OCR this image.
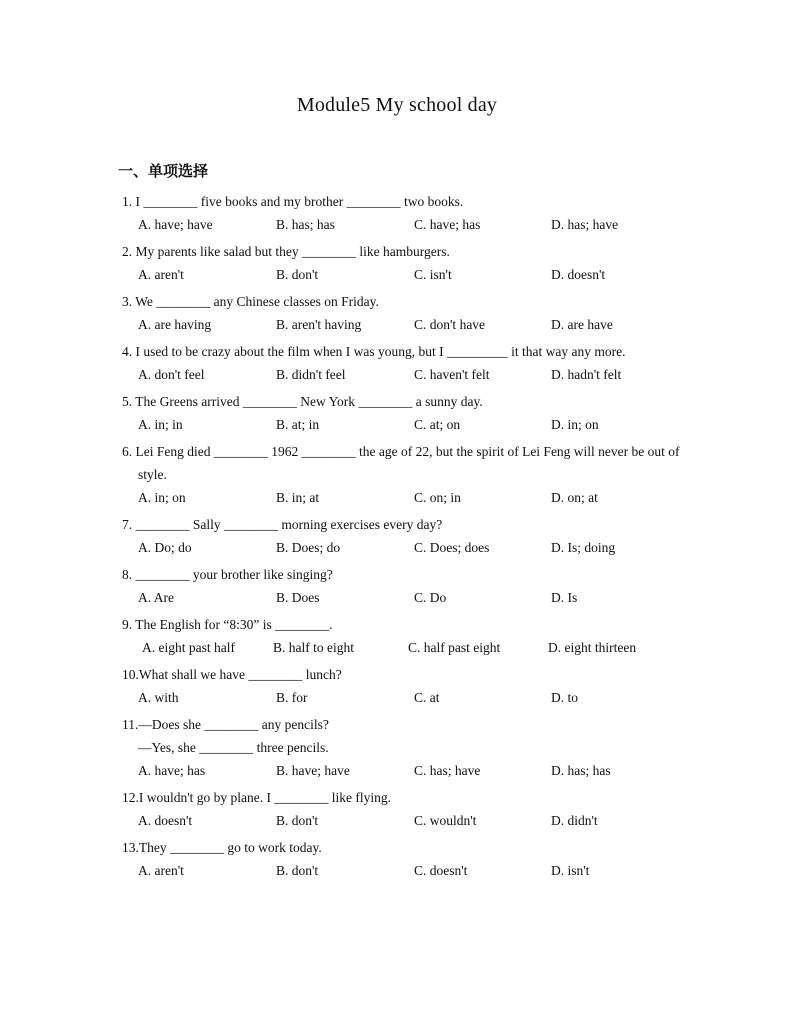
Module5 My school day
一、单项选择
1. I ________ five books and my brother ________ two books.
A. have; have	B. has; has	C. have; has	D. has; have
2. My parents like salad but they ________ like hamburgers.
A. aren't	B. don't	C. isn't	D. doesn't
3. We ________ any Chinese classes on Friday.
A. are having	B. aren't having	C. don't have	D. are have
4. I used to be crazy about the film when I was young, but I _________ it that way any more.
A. don't feel	B. didn't feel	C. haven't felt	D. hadn't felt
5. The Greens arrived ________ New York ________ a sunny day.
A. in; in	B. at; in	C. at; on	D. in; on
6. Lei Feng died ________ 1962 ________ the age of 22, but the spirit of Lei Feng will never be out of style.
A. in; on	B. in; at	C. on; in	D. on; at
7. ________ Sally ________ morning exercises every day?
A. Do; do	B. Does; do	C. Does; does	D. Is; doing
8. ________ your brother like singing?
A. Are	B. Does	C. Do	D. Is
9. The English for “8:30” is ________.
A. eight past half	B. half to eight	C. half past eight	D. eight thirteen
10.What shall we have ________ lunch?
A. with	B. for	C. at	D. to
11.—Does she ________ any pencils?
—Yes, she ________ three pencils.
A. have; has	B. have; have	C. has; have	D. has; has
12.I wouldn't go by plane. I ________ like flying.
A. doesn't	B. don't	C. wouldn't	D. didn't
13.They ________ go to work today.
A. aren't	B. don't	C. doesn't	D. isn't
